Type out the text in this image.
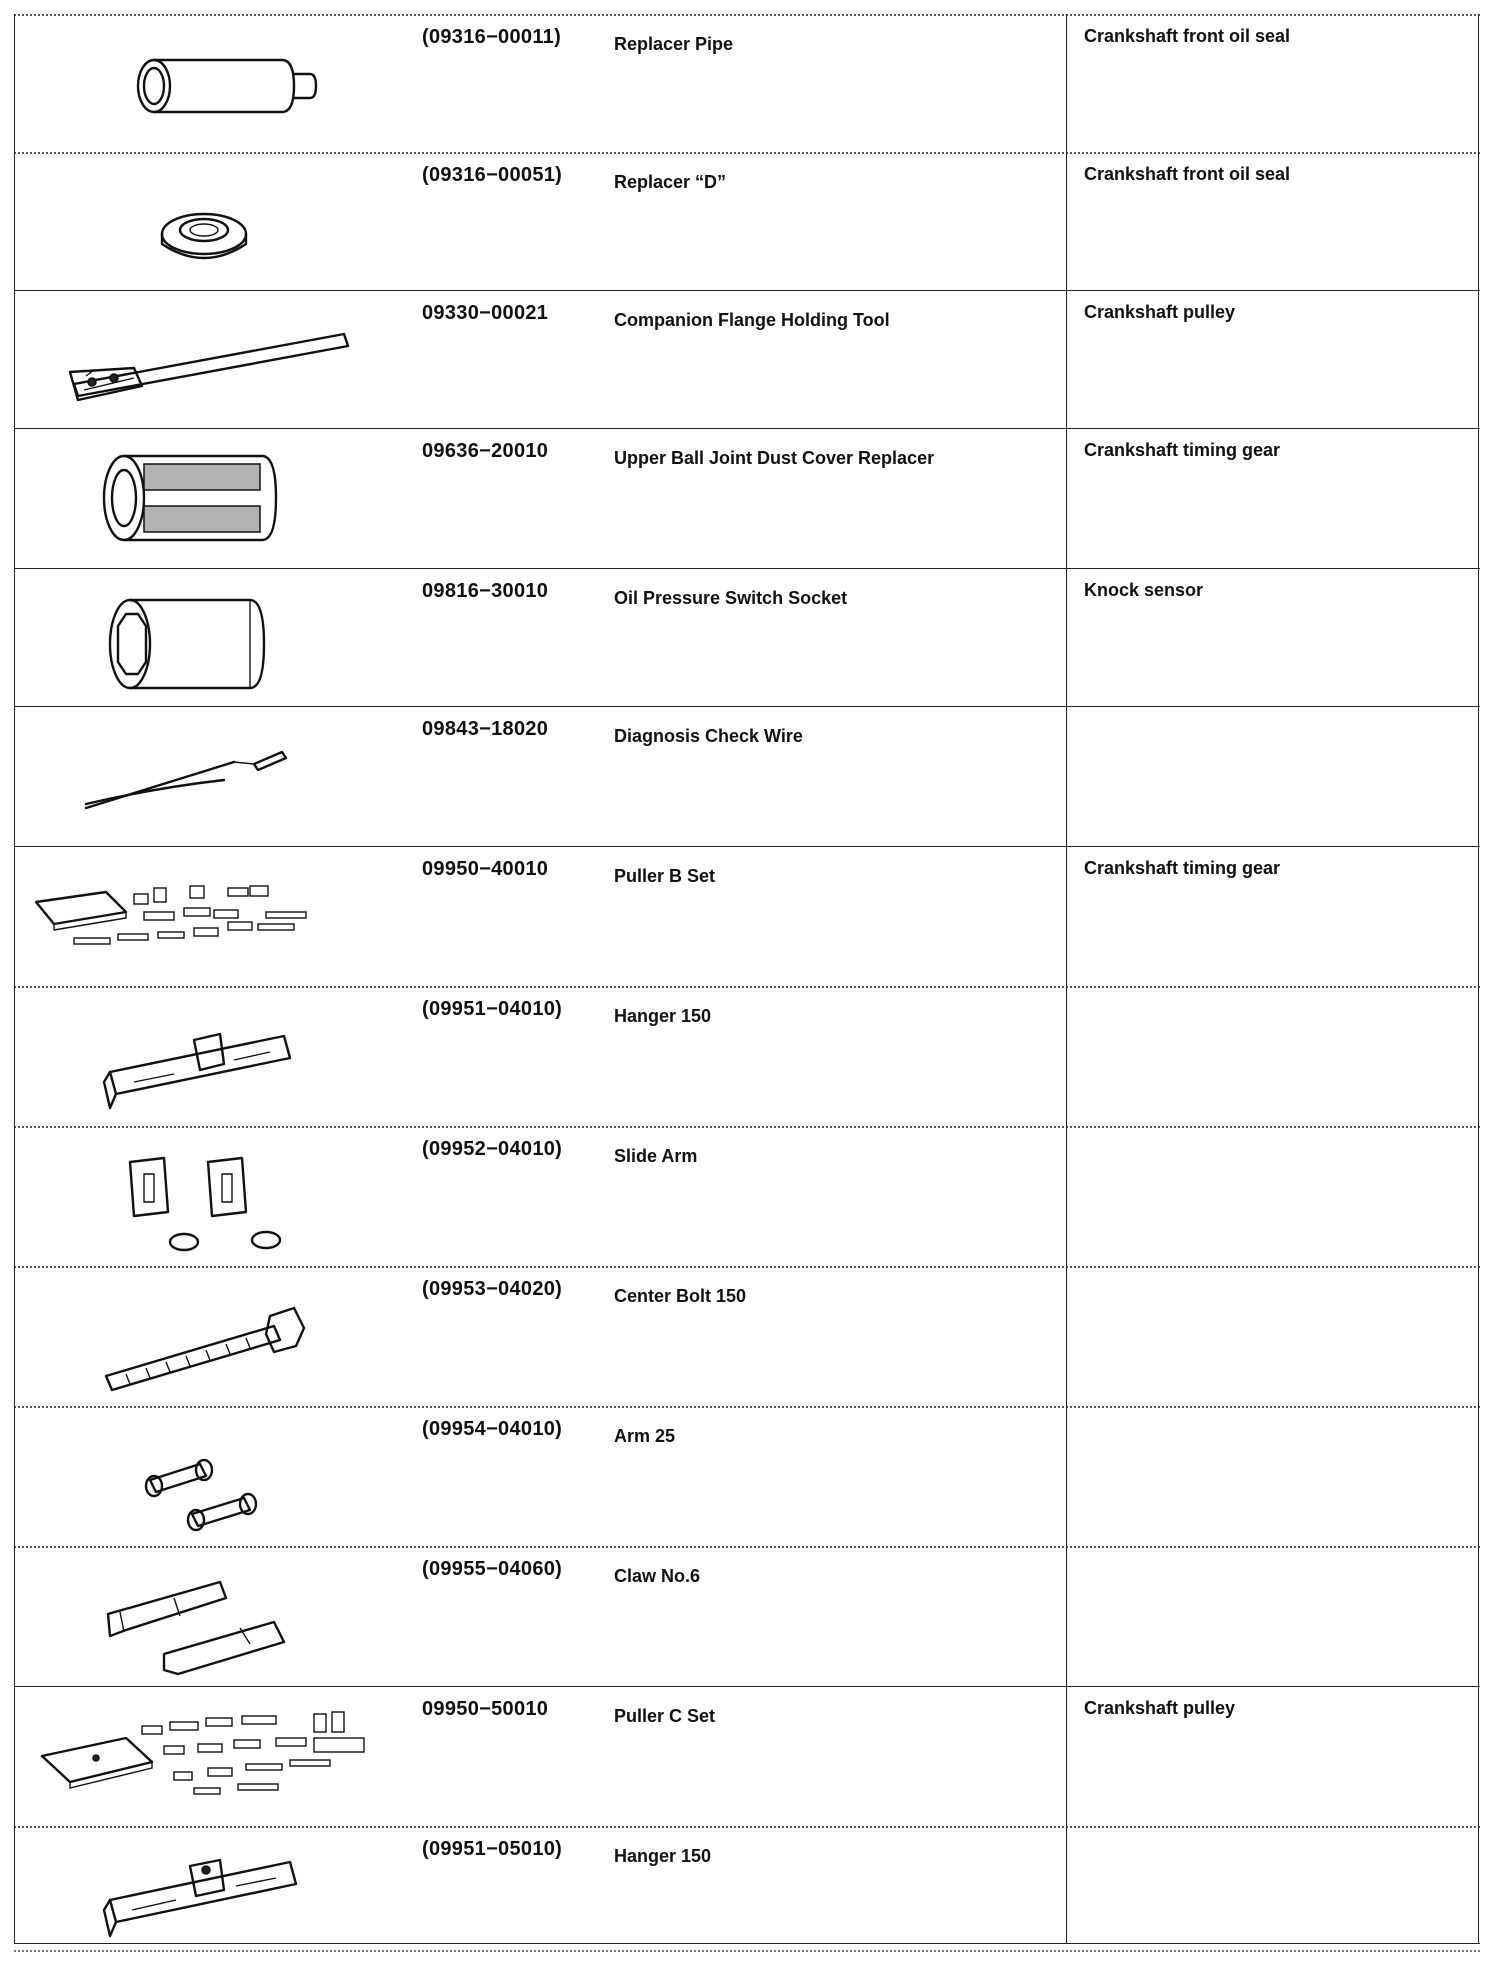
(09316−00011)	Replacer Pipe	Crankshaft front oil seal
(09316−00051)	Replacer “D”	Crankshaft front oil seal
09330−00021	Companion Flange Holding Tool	Crankshaft pulley
09636−20010	Upper Ball Joint Dust Cover Replacer	Crankshaft timing gear
09816−30010	Oil Pressure Switch Socket	Knock sensor
09843−18020	Diagnosis Check Wire
09950−40010	Puller B Set	Crankshaft timing gear
(09951−04010)	Hanger 150
(09952−04010)	Slide Arm
(09953−04020)	Center Bolt 150
(09954−04010)	Arm 25
(09955−04060)	Claw No.6
09950−50010	Puller C Set	Crankshaft pulley
(09951−05010)	Hanger 150
